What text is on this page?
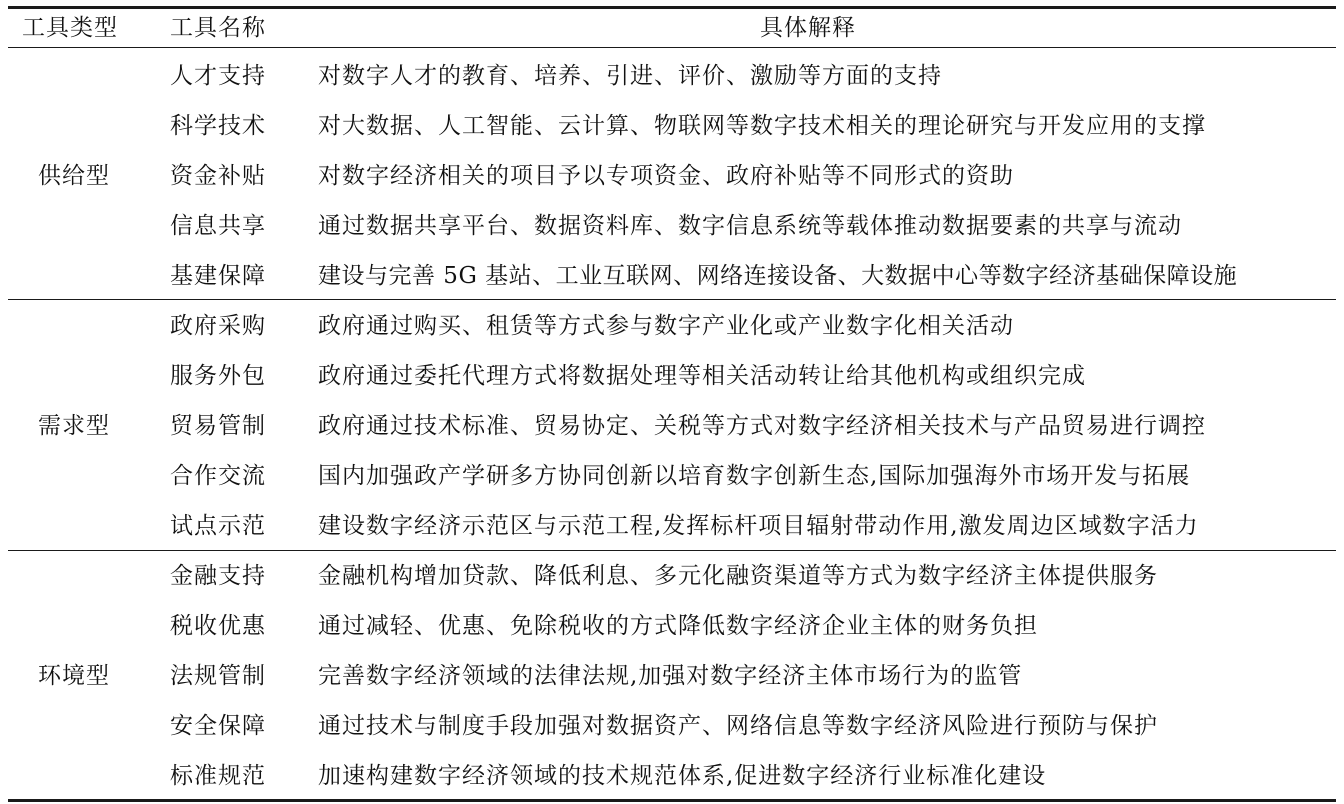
工具类型 工具名称	具体解释
供给型
人才支持 对数字人才的教育、培养、引进、评价、激励等方面的支持
科学技术 对大数据、人工智能、云计算、物联网等数字技术相关的理论研究与开发应用的支撑
资金补贴 对数字经济相关的项目予以专项资金、政府补贴等不同形式的资助
信息共享 通过数据共享平台、数据资料库、数字信息系统等载体推动数据要素的共享与流动
基建保障 建设与完善 5G 基站、工业互联网、网络连接设备、大数据中心等数字经济基础保障设施
需求型
政府采购 政府通过购买、租赁等方式参与数字产业化或产业数字化相关活动
服务外包 政府通过委托代理方式将数据处理等相关活动转让给其他机构或组织完成
贸易管制 政府通过技术标准、贸易协定、关税等方式对数字经济相关技术与产品贸易进行调控
合作交流 国内加强政产学研多方协同创新以培育数字创新生态,国际加强海外市场开发与拓展
试点示范 建设数字经济示范区与示范工程,发挥标杆项目辐射带动作用,激发周边区域数字活力
环境型
金融支持 金融机构增加贷款、降低利息、多元化融资渠道等方式为数字经济主体提供服务
税收优惠 通过减轻、优惠、免除税收的方式降低数字经济企业主体的财务负担
法规管制 完善数字经济领域的法律法规,加强对数字经济主体市场行为的监管
安全保障 通过技术与制度手段加强对数据资产、网络信息等数字经济风险进行预防与保护
标准规范 加速构建数字经济领域的技术规范体系,促进数字经济行业标准化建设
